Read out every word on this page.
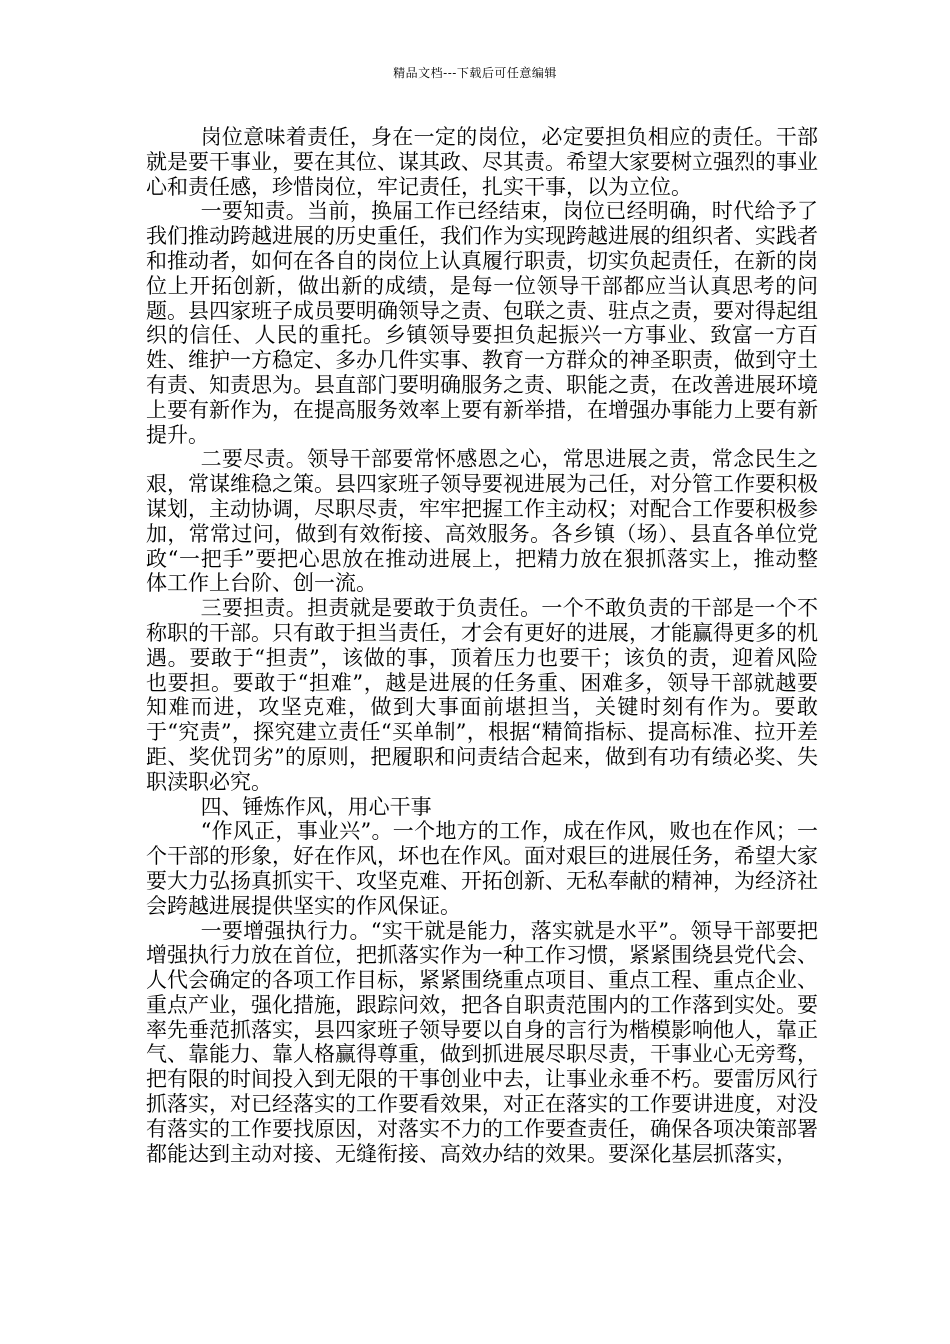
精品文档---下载后可任意编辑

岗位意味着责任，身在一定的岗位，必定要担负相应的责任。干部就是要干事业，要在其位、谋其政、尽其责。希望大家要树立强烈的事业心和责任感，珍惜岗位，牢记责任，扎实干事，以为立位。

一要知责。当前，换届工作已经结束，岗位已经明确，时代给予了我们推动跨越进展的历史重任，我们作为实现跨越进展的组织者、实践者和推动者，如何在各自的岗位上认真履行职责，切实负起责任，在新的岗位上开拓创新，做出新的成绩，是每一位领导干部都应当认真思考的问题。县四家班子成员要明确领导之责、包联之责、驻点之责，要对得起组织的信任、人民的重托。乡镇领导要担负起振兴一方事业、致富一方百姓、维护一方稳定、多办几件实事、教育一方群众的神圣职责，做到守土有责、知责思为。县直部门要明确服务之责、职能之责，在改善进展环境上要有新作为，在提高服务效率上要有新举措，在增强办事能力上要有新提升。

二要尽责。领导干部要常怀感恩之心，常思进展之责，常念民生之艰，常谋维稳之策。县四家班子领导要视进展为己任，对分管工作要积极谋划，主动协调，尽职尽责，牢牢把握工作主动权；对配合工作要积极参加，常常过问，做到有效衔接、高效服务。各乡镇（场）、县直各单位党政“一把手”要把心思放在推动进展上，把精力放在狠抓落实上，推动整体工作上台阶、创一流。

三要担责。担责就是要敢于负责任。一个不敢负责的干部是一个不称职的干部。只有敢于担当责任，才会有更好的进展，才能赢得更多的机遇。要敢于“担责”，该做的事，顶着压力也要干；该负的责，迎着风险也要担。要敢于“担难”，越是进展的任务重、困难多，领导干部就越要知难而进，攻坚克难，做到大事面前堪担当，关键时刻有作为。要敢于“究责”，探究建立责任“买单制”，根据“精简指标、提高标准、拉开差距、奖优罚劣”的原则，把履职和问责结合起来，做到有功有绩必奖、失职渎职必究。

四、锤炼作风，用心干事

“作风正，事业兴”。一个地方的工作，成在作风，败也在作风；一个干部的形象，好在作风，坏也在作风。面对艰巨的进展任务，希望大家要大力弘扬真抓实干、攻坚克难、开拓创新、无私奉献的精神，为经济社会跨越进展提供坚实的作风保证。

一要增强执行力。“实干就是能力，落实就是水平”。领导干部要把增强执行力放在首位，把抓落实作为一种工作习惯，紧紧围绕县党代会、人代会确定的各项工作目标，紧紧围绕重点项目、重点工程、重点企业、重点产业，强化措施，跟踪问效，把各自职责范围内的工作落到实处。要率先垂范抓落实，县四家班子领导要以自身的言行为楷模影响他人，靠正气、靠能力、靠人格赢得尊重，做到抓进展尽职尽责，干事业心无旁骛，把有限的时间投入到无限的干事创业中去，让事业永垂不朽。要雷厉风行抓落实，对已经落实的工作要看效果，对正在落实的工作要讲进度，对没有落实的工作要找原因，对落实不力的工作要查责任，确保各项决策部署都能达到主动对接、无缝衔接、高效办结的效果。要深化基层抓落实，
